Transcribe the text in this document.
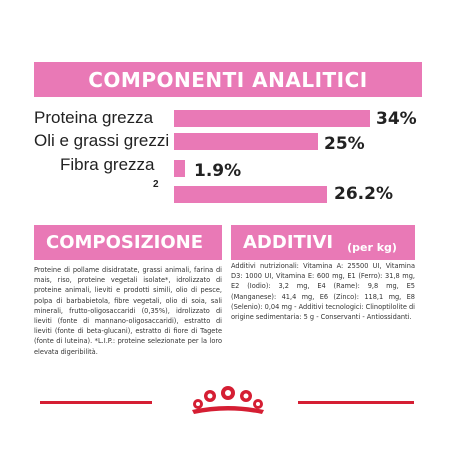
COMPONENTI ANALITICI
Proteina grezza	34%
Oli e grassi grezzi	25%
Fibra grezza 1.9%
2	26.2%
COMPOSIZIONE
Proteine di pollame disidratate, grassi animali, farina di mais, riso, proteine vegetali isolate*, idrolizzato di proteine animali, lieviti e prodotti simili, olio di pesce, polpa di barbabietola, fibre vegetali, olio di soia, sali minerali, frutto-oligosaccaridi (0,35%), idrolizzato di lieviti (fonte di mannano-oligosaccaridi), estratto di lieviti (fonte di beta-glucani), estratto di fiore di Tagete (fonte di luteina). *L.I.P.: proteine selezionate per la loro elevata digeribilità.
ADDITIVI (per kg)
Additivi nutrizionali: Vitamina A: 25500 UI, Vitamina D3: 1000 UI, Vitamina E: 600 mg, E1 (Ferro): 31,8 mg, E2 (Iodio): 3,2 mg, E4 (Rame): 9,8 mg, E5 (Manganese): 41,4 mg, E6 (Zinco): 118,1 mg, E8 (Selenio): 0,04 mg - Additivi tecnologici: Clinoptilolite di origine sedimentaria: 5 g - Conservanti - Antiossidanti.
